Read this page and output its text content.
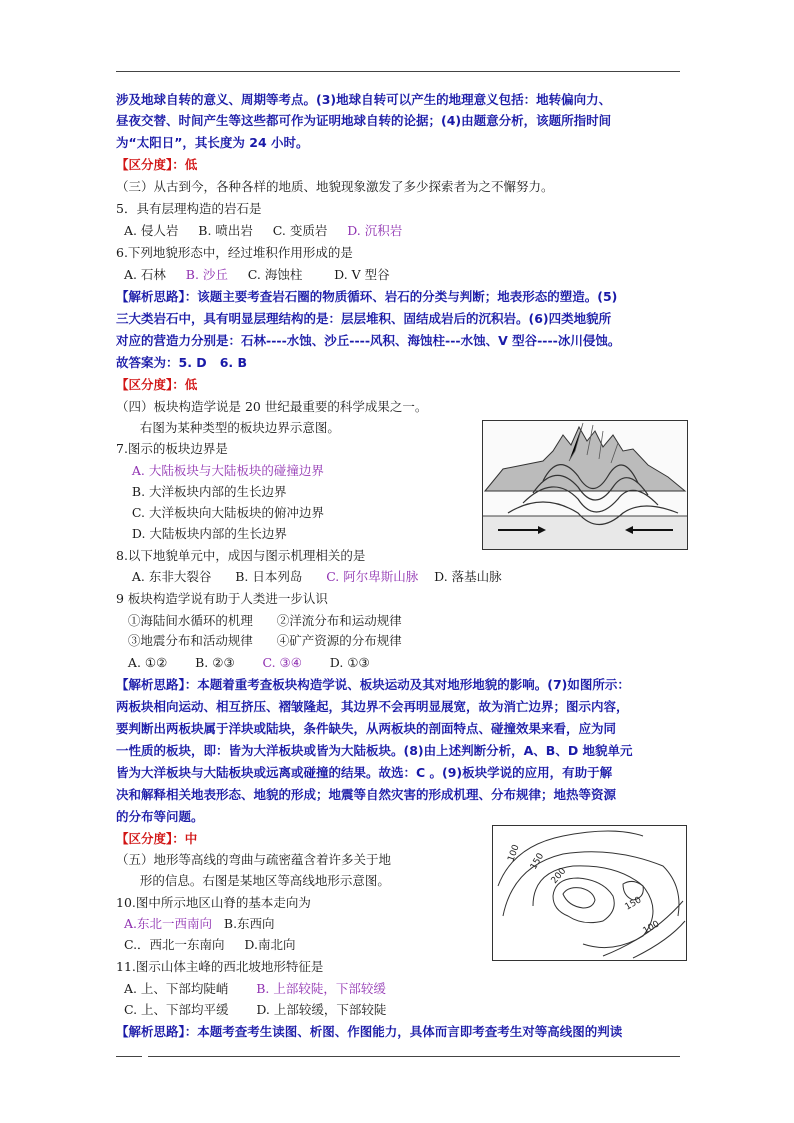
涉及地球自转的意义、周期等考点。(3)地球自转可以产生的地理意义包括：地转偏向力、
昼夜交替、时间产生等这些都可作为证明地球自转的论据；(4)由题意分析，该题所指时间
为“太阳日”，其长度为 24 小时。
【区分度】：低
（三）从古到今，各种各样的地质、地貌现象激发了多少探索者为之不懈努力。
5．具有层理构造的岩石是
A. 侵人岩     B. 喷出岩     C. 变质岩     D. 沉积岩
6.下列地貌形态中，经过堆积作用形成的是
A. 石林     B. 沙丘     C. 海蚀柱        D. V 型谷
【解析思路】：该题主要考查岩石圈的物质循环、岩石的分类与判断；地表形态的塑造。(5)
三大类岩石中，具有明显层理结构的是：层层堆积、固结成岩后的沉积岩。(6)四类地貌所
对应的营造力分别是：石林----水蚀、沙丘----风积、海蚀柱---水蚀、V 型谷----冰川侵蚀。
故答案为：5. D   6. B
【区分度】：低
（四）板块构造学说是 20 世纪最重要的科学成果之一。
右图为某种类型的板块边界示意图。
7.图示的板块边界是
A. 大陆板块与大陆板块的碰撞边界
B. 大洋板块内部的生长边界
C. 大洋板块向大陆板块的俯冲边界
D. 大陆板块内部的生长边界
8.以下地貌单元中，成因与图示机理相关的是
A. 东非大裂谷      B. 日本列岛      C. 阿尔卑斯山脉    D. 落基山脉
9 板块构造学说有助于人类进一步认识
①海陆间水循环的机理      ②洋流分布和运动规律
③地震分布和活动规律      ④矿产资源的分布规律
A. ①②       B. ②③       C. ③④       D. ①③
【解析思路】：本题着重考查板块构造学说、板块运动及其对地形地貌的影响。(7)如图所示：
两板块相向运动、相互挤压、褶皱隆起，其边界不会再明显展宽，故为消亡边界；图示内容，
要判断出两板块属于洋块或陆块，条件缺失，从两板块的剖面特点、碰撞效果来看，应为同
一性质的板块，即：皆为大洋板块或皆为大陆板块。(8)由上述判断分析，A、B、D 地貌单元
皆为大洋板块与大陆板块或远离或碰撞的结果。故选：C 。(9)板块学说的应用，有助于解
决和解释相关地表形态、地貌的形成；地震等自然灾害的形成机理、分布规律；地热等资源
的分布等问题。
【区分度】：中
（五）地形等高线的弯曲与疏密蕴含着许多关于地
形的信息。右图是某地区等高线地形示意图。
10.图中所示地区山脊的基本走向为
A.东北一西南向   B.东西向
C.．西北一东南向     D.南北向
11.图示山体主峰的西北坡地形特征是
A. 上、下部均陡峭       B. 上部较陡，下部较缓
C. 上、下部均平缓       D. 上部较缓，下部较陡
【解析思路】：本题考查考生读图、析图、作图能力，具体而言即考查考生对等高线图的判读
100 150
200
150
100
